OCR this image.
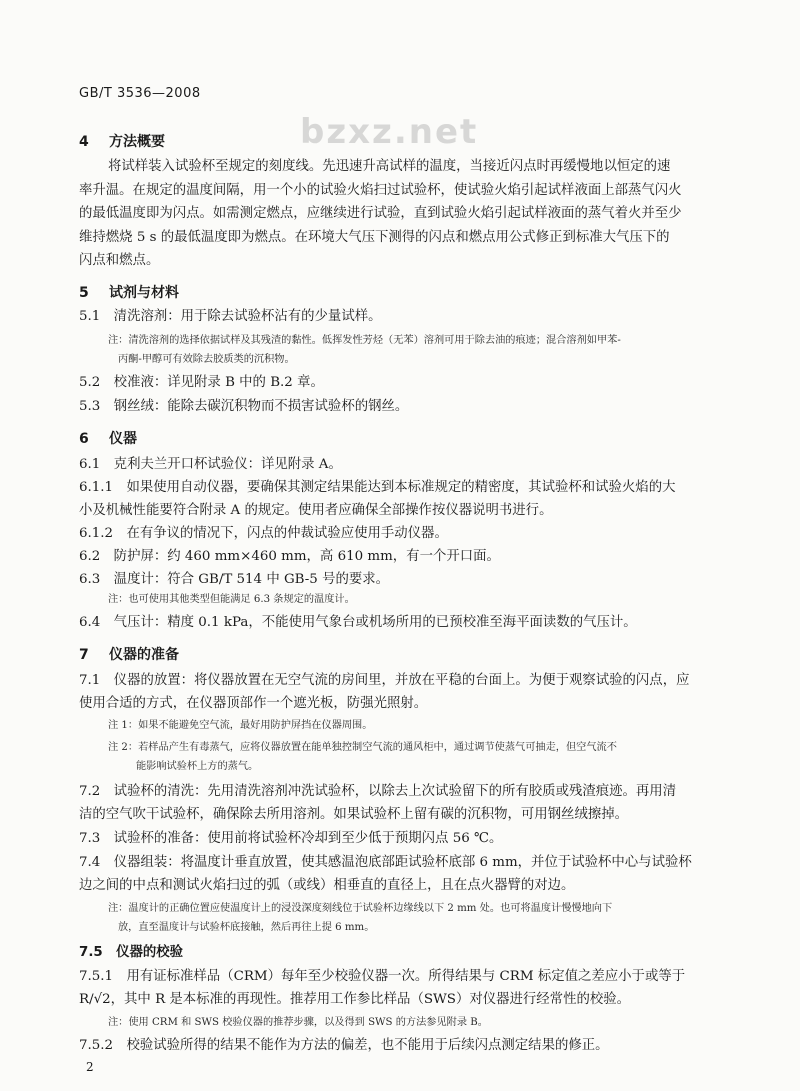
GB/T 3536—2008
bzxz.net
4 方法概要
将试样装入试验杯至规定的刻度线。先迅速升高试样的温度，当接近闪点时再缓慢地以恒定的速
率升温。在规定的温度间隔，用一个小的试验火焰扫过试验杯，使试验火焰引起试样液面上部蒸气闪火
的最低温度即为闪点。如需测定燃点，应继续进行试验，直到试验火焰引起试样液面的蒸气着火并至少
维持燃烧 5 s 的最低温度即为燃点。在环境大气压下测得的闪点和燃点用公式修正到标准大气压下的
闪点和燃点。
5 试剂与材料
5.1　清洗溶剂：用于除去试验杯沾有的少量试样。
注：清洗溶剂的选择依据试样及其残渣的黏性。低挥发性芳烃（无苯）溶剂可用于除去油的痕迹；混合溶剂如甲苯-
丙酮-甲醇可有效除去胶质类的沉积物。
5.2　校准液：详见附录 B 中的 B.2 章。
5.3　钢丝绒：能除去碳沉积物而不损害试验杯的钢丝。
6 仪器
6.1　克利夫兰开口杯试验仪：详见附录 A。
6.1.1　如果使用自动仪器，要确保其测定结果能达到本标准规定的精密度，其试验杯和试验火焰的大
小及机械性能要符合附录 A 的规定。使用者应确保全部操作按仪器说明书进行。
6.1.2　在有争议的情况下，闪点的仲裁试验应使用手动仪器。
6.2　防护屏：约 460 mm×460 mm，高 610 mm，有一个开口面。
6.3　温度计：符合 GB/T 514 中 GB-5 号的要求。
注：也可使用其他类型但能满足 6.3 条规定的温度计。
6.4　气压计：精度 0.1 kPa，不能使用气象台或机场所用的已预校准至海平面读数的气压计。
7 仪器的准备
7.1　仪器的放置：将仪器放置在无空气流的房间里，并放在平稳的台面上。为便于观察试验的闪点，应
使用合适的方式，在仪器顶部作一个遮光板，防强光照射。
注 1：如果不能避免空气流，最好用防护屏挡在仪器周围。
注 2：若样品产生有毒蒸气，应将仪器放置在能单独控制空气流的通风柜中，通过调节使蒸气可抽走，但空气流不
能影响试验杯上方的蒸气。
7.2　试验杯的清洗：先用清洗溶剂冲洗试验杯，以除去上次试验留下的所有胶质或残渣痕迹。再用清
洁的空气吹干试验杯，确保除去所用溶剂。如果试验杯上留有碳的沉积物，可用钢丝绒擦掉。
7.3　试验杯的准备：使用前将试验杯冷却到至少低于预期闪点 56 ℃。
7.4　仪器组装：将温度计垂直放置，使其感温泡底部距试验杯底部 6 mm，并位于试验杯中心与试验杯
边之间的中点和测试火焰扫过的弧（或线）相垂直的直径上，且在点火器臂的对边。
注：温度计的正确位置应使温度计上的浸没深度刻线位于试验杯边缘线以下 2 mm 处。也可将温度计慢慢地向下
放，直至温度计与试验杯底接触，然后再往上提 6 mm。
7.5　仪器的校验
7.5.1　用有证标准样品（CRM）每年至少校验仪器一次。所得结果与 CRM 标定值之差应小于或等于
R/√2，其中 R 是本标准的再现性。推荐用工作参比样品（SWS）对仪器进行经常性的校验。
注：使用 CRM 和 SWS 校验仪器的推荐步骤，以及得到 SWS 的方法参见附录 B。
7.5.2　校验试验所得的结果不能作为方法的偏差，也不能用于后续闪点测定结果的修正。
2
